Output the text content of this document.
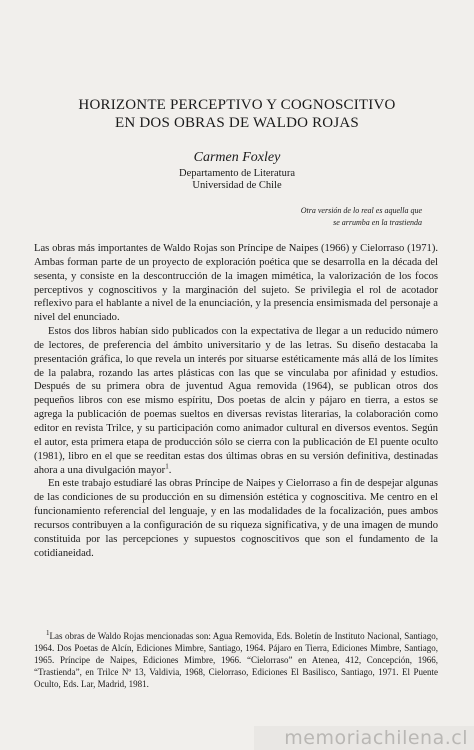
HORIZONTE PERCEPTIVO Y COGNOSCITIVO
EN DOS OBRAS DE WALDO ROJAS
Carmen Foxley
Departamento de Literatura
Universidad de Chile
Otra versión de lo real es aquella que
se arrumba en la trastienda

Las obras más importantes de Waldo Rojas son Príncipe de Naipes (1966) y Cielorraso (1971). Ambas forman parte de un proyecto de exploración poética que se desarrolla en la década del sesenta, y consiste en la descontrucción de la imagen mimética, la valorización de los focos perceptivos y cognoscitivos y la marginación del sujeto. Se privilegia el rol de acotador reflexivo para el hablante a nivel de la enunciación, y la presencia ensimismada del personaje a nivel del enunciado.

Estos dos libros habían sido publicados con la expectativa de llegar a un reducido número de lectores, de preferencia del ámbito universitario y de las letras. Su diseño destacaba la presentación gráfica, lo que revela un interés por situarse estéticamente más allá de los límites de la palabra, rozando las artes plásticas con las que se vinculaba por afinidad y estudios. Después de su primera obra de juventud Agua removida (1964), se publican otros dos pequeños libros con ese mismo espíritu, Dos poetas de alcin y pájaro en tierra, a estos se agrega la publicación de poemas sueltos en diversas revistas literarias, la colaboración como editor en revista Trilce, y su participación como animador cultural en diversos eventos. Según el autor, esta primera etapa de producción sólo se cierra con la publicación de El puente oculto (1981), libro en el que se reeditan estas dos últimas obras en su versión definitiva, destinadas ahora a una divulgación mayor$^1$.

En este trabajo estudiaré las obras Príncipe de Naipes y Cielorraso a fin de despejar algunas de las condiciones de su producción en su dimensión estética y cognoscitiva. Me centro en el funcionamiento referencial del lenguaje, y en las modalidades de la focalización, pues ambos recursos contribuyen a la configuración de su riqueza significativa, y de una imagen de mundo constituida por las percepciones y supuestos cognoscitivos que son el fundamento de la cotidianeidad.

$^1$Las obras de Waldo Rojas mencionadas son: Agua Removida, Eds. Boletín de Instituto Nacional, Santiago, 1964. Dos Poetas de Alcín, Ediciones Mimbre, Santiago, 1964. Pájaro en Tierra, Ediciones Mimbre, Santiago, 1965. Príncipe de Naipes, Ediciones Mimbre, 1966. “Cielorraso” en Atenea, 412, Concepción, 1966, “Trastienda”, en Trilce Nº 13, Valdivia, 1968, Cielorraso, Ediciones El Basilisco, Santiago, 1971. El Puente Oculto, Eds. Lar, Madrid, 1981.

memoriachilena.cl
